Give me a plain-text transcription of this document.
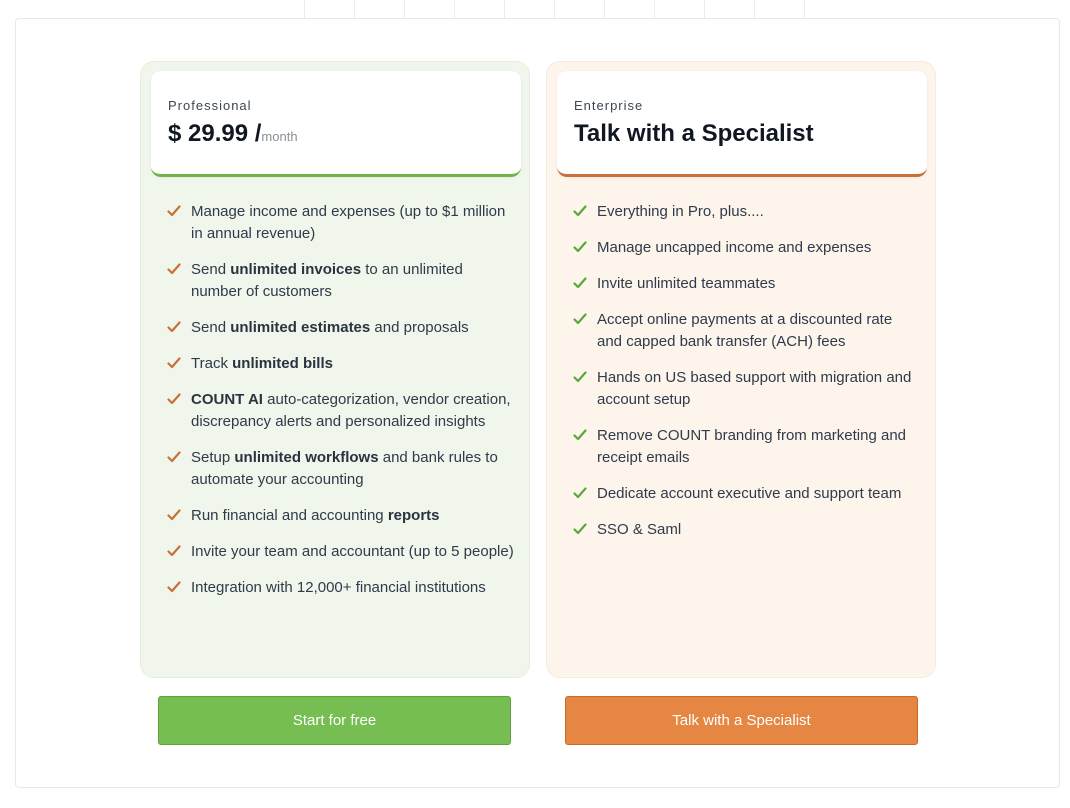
Professional
$ 29.99 /month
Manage income and expenses (up to $1 million in annual revenue)
Send unlimited invoices to an unlimited number of customers
Send unlimited estimates and proposals
Track unlimited bills
COUNT AI auto-categorization, vendor creation, discrepancy alerts and personalized insights
Setup unlimited workflows and bank rules to automate your accounting
Run financial and accounting reports
Invite your team and accountant (up to 5 people)
Integration with 12,000+ financial institutions
Enterprise
Talk with a Specialist
Everything in Pro, plus....
Manage uncapped income and expenses
Invite unlimited teammates
Accept online payments at a discounted rate and capped bank transfer (ACH) fees
Hands on US based support with migration and account setup
Remove COUNT branding from marketing and receipt emails
Dedicate account executive and support team
SSO & Saml
Start for free	Talk with a Specialist
